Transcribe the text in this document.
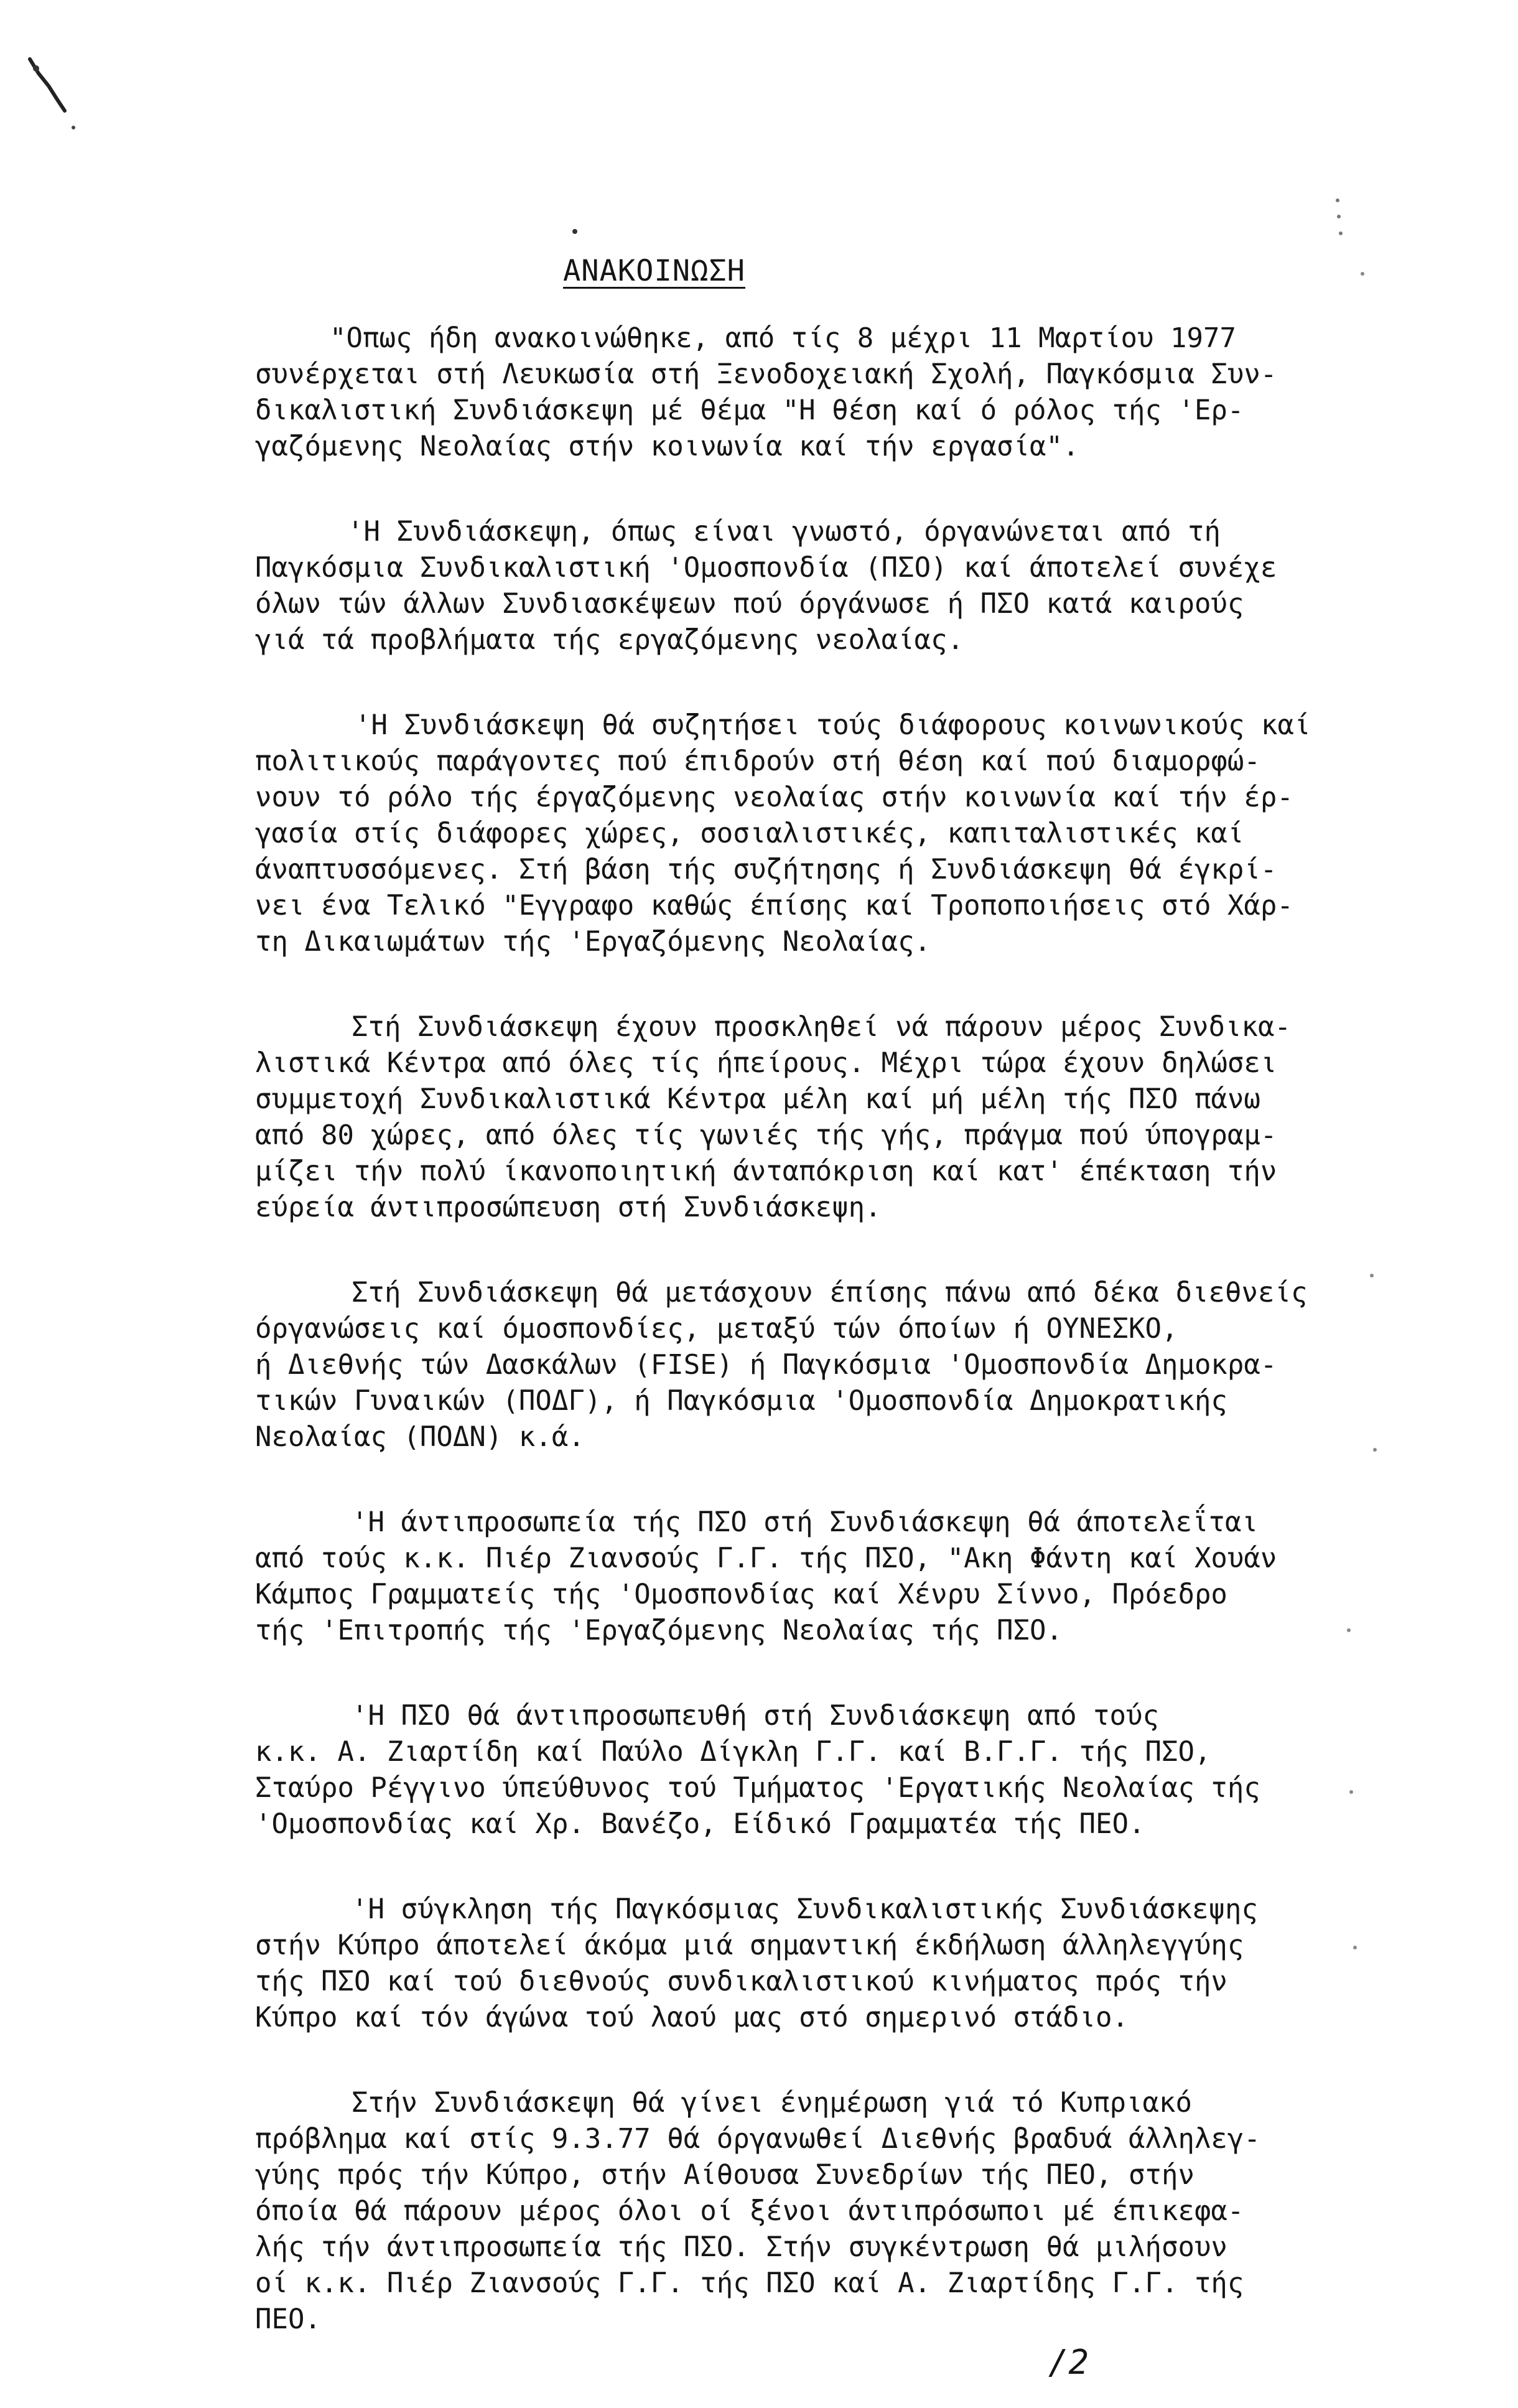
ΑΝΑΚΟΙΝΩΣΗ
"Οπως ήδη ανακοινώθηκε, από τίς 8 μέχρι 11 Μαρτίου 1977
συνέρχεται στή Λευκωσία στή Ξενοδοχειακή Σχολή, Παγκόσμια Συν-
δικαλιστική Συνδιάσκεψη μέ θέμα "Η θέση καί ό ρόλος τής 'Ερ-
γαζόμενης Νεολαίας στήν κοινωνία καί τήν εργασία".
'Η Συνδιάσκεψη, όπως είναι γνωστό, όργανώνεται από τή
Παγκόσμια Συνδικαλιστική 'Ομοσπονδία (ΠΣΟ) καί άποτελεί συνέχε
όλων τών άλλων Συνδιασκέψεων πού όργάνωσε ή ΠΣΟ κατά καιρούς
γιά τά προβλήματα τής εργαζόμενης νεολαίας.
'Η Συνδιάσκεψη θά συζητήσει τούς διάφορους κοινωνικούς καί
πολιτικούς παράγοντες πού έπιδρούν στή θέση καί πού διαμορφώ-
νουν τό ρόλο τής έργαζόμενης νεολαίας στήν κοινωνία καί τήν έρ-
γασία στίς διάφορες χώρες, σοσιαλιστικές, καπιταλιστικές καί
άναπτυσσόμενες. Στή βάση τής συζήτησης ή Συνδιάσκεψη θά έγκρί-
νει ένα Τελικό "Εγγραφο καθώς έπίσης καί Τροποποιήσεις στό Χάρ-
τη Δικαιωμάτων τής 'Εργαζόμενης Νεολαίας.
Στή Συνδιάσκεψη έχουν προσκληθεί νά πάρουν μέρος Συνδικα-
λιστικά Κέντρα από όλες τίς ήπείρους. Μέχρι τώρα έχουν δηλώσει
συμμετοχή Συνδικαλιστικά Κέντρα μέλη καί μή μέλη τής ΠΣΟ πάνω
από 80 χώρες, από όλες τίς γωνιές τής γής, πράγμα πού ύπογραμ-
μίζει τήν πολύ ίκανοποιητική άνταπόκριση καί κατ' έπέκταση τήν
εύρεία άντιπροσώπευση στή Συνδιάσκεψη.
Στή Συνδιάσκεψη θά μετάσχουν έπίσης πάνω από δέκα διεθνείς
όργανώσεις καί όμοσπονδίες, μεταξύ τών όποίων ή ΟΥΝΕΣΚΟ,
ή Διεθνής τών Δασκάλων (FISE) ή Παγκόσμια 'Ομοσπονδία Δημοκρα-
τικών Γυναικών (ΠΟΔΓ), ή Παγκόσμια 'Ομοσπονδία Δημοκρατικής
Νεολαίας (ΠΟΔΝ) κ.ά.
'Η άντιπροσωπεία τής ΠΣΟ στή Συνδιάσκεψη θά άποτελεΐται
από τούς κ.κ. Πιέρ Ζιανσούς Γ.Γ. τής ΠΣΟ, "Ακη Φάντη καί Χουάν
Κάμπος Γραμματείς τής 'Ομοσπονδίας καί Χένρυ Σίννο, Πρόεδρο
τής 'Επιτροπής τής 'Εργαζόμενης Νεολαίας τής ΠΣΟ.
'Η ΠΣΟ θά άντιπροσωπευθή στή Συνδιάσκεψη από τούς
κ.κ. Α. Ζιαρτίδη καί Παύλο Δίγκλη Γ.Γ. καί Β.Γ.Γ. τής ΠΣΟ,
Σταύρο Ρέγγινο ύπεύθυνος τού Τμήματος 'Εργατικής Νεολαίας τής
'Ομοσπονδίας καί Χρ. Βανέζο, Είδικό Γραμματέα τής ΠΕΟ.
'Η σύγκληση τής Παγκόσμιας Συνδικαλιστικής Συνδιάσκεψης
στήν Κύπρο άποτελεί άκόμα μιά σημαντική έκδήλωση άλληλεγγύης
τής ΠΣΟ καί τού διεθνούς συνδικαλιστικού κινήματος πρός τήν
Κύπρο καί τόν άγώνα τού λαού μας στό σημερινό στάδιο.
Στήν Συνδιάσκεψη θά γίνει ένημέρωση γιά τό Κυπριακό
πρόβλημα καί στίς 9.3.77 θά όργανωθεί Διεθνής βραδυά άλληλεγ-
γύης πρός τήν Κύπρο, στήν Αίθουσα Συνεδρίων τής ΠΕΟ, στήν
όποία θά πάρουν μέρος όλοι οί ξένοι άντιπρόσωποι μέ έπικεφα-
λής τήν άντιπροσωπεία τής ΠΣΟ. Στήν συγκέντρωση θά μιλήσουν
οί κ.κ. Πιέρ Ζιανσούς Γ.Γ. τής ΠΣΟ καί Α. Ζιαρτίδης Γ.Γ. τής
ΠΕΟ.
/2
